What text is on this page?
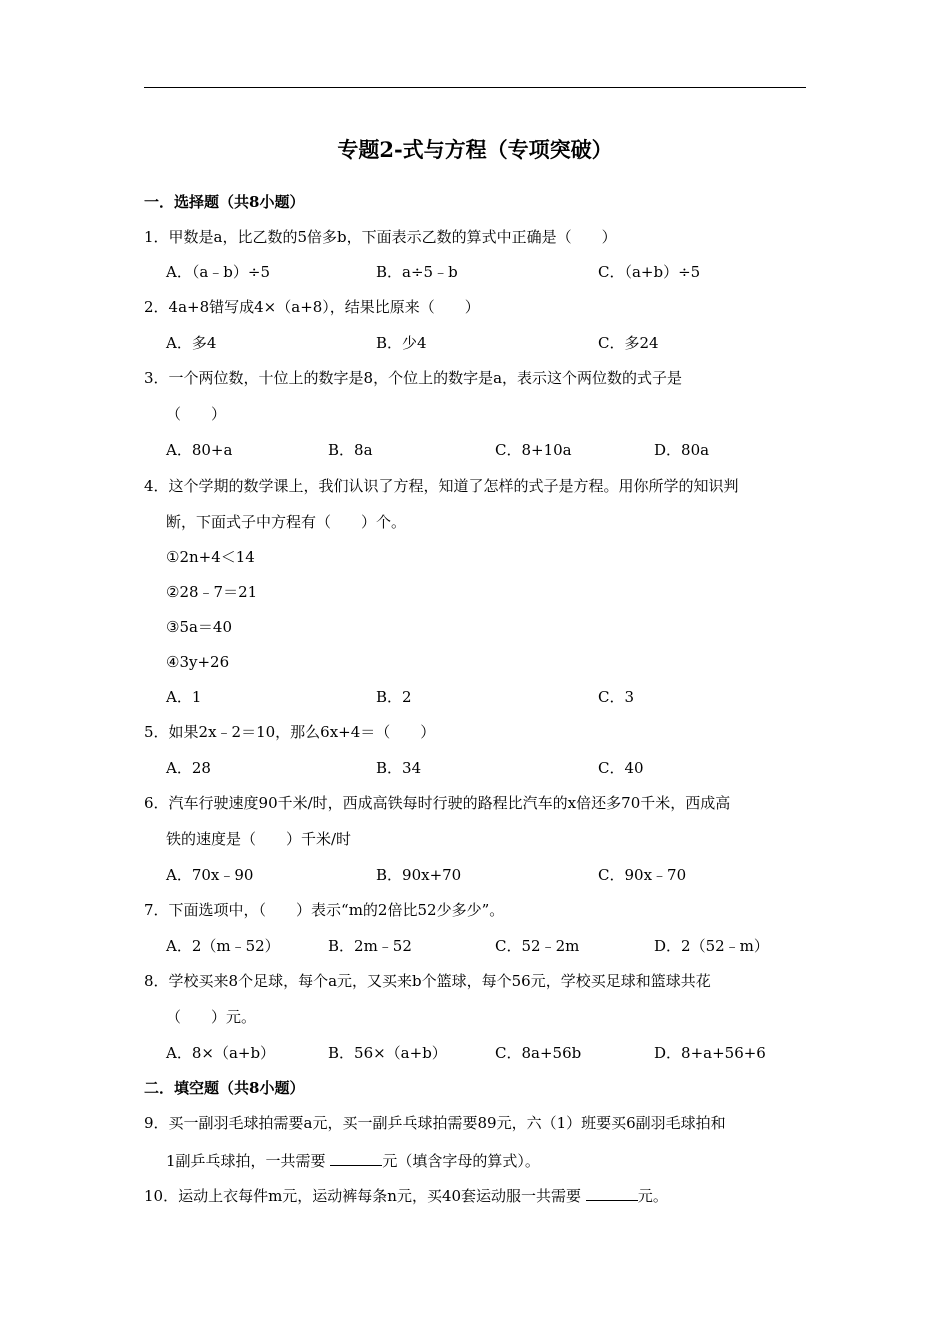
专题2-式与方程（专项突破）
一．选择题（共8小题）
1．甲数是a，比乙数的5倍多b，下面表示乙数的算式中正确是（　　）
A．（a﹣b）÷5	B．a÷5﹣b	C．（a+b）÷5
2．4a+8错写成4×（a+8），结果比原来（　　）
A．多4	B．少4	C．多24
3．一个两位数，十位上的数字是8，个位上的数字是a，表示这个两位数的式子是
（　　）
A．80+a	B．8a	C．8+10a	D．80a
4．这个学期的数学课上，我们认识了方程，知道了怎样的式子是方程。用你所学的知识判
断，下面式子中方程有（　　）个。
①2n+4＜14
②28﹣7＝21
③5a＝40
④3y+26
A．1	B．2	C．3
5．如果2x﹣2＝10，那么6x+4＝（　　）
A．28	B．34	C．40
6．汽车行驶速度90千米/时，西成高铁每时行驶的路程比汽车的x倍还多70千米，西成高
铁的速度是（　　）千米/时
A．70x﹣90	B．90x+70	C．90x﹣70
7．下面选项中，（　　）表示“m的2倍比52少多少”。
A．2（m﹣52）	B．2m﹣52	C．52﹣2m	D．2（52﹣m）
8．学校买来8个足球，每个a元，又买来b个篮球，每个56元，学校买足球和篮球共花
（　　）元。
A．8×（a+b）	B．56×（a+b）	C．8a+56b	D．8+a+56+6
二．填空题（共8小题）
9．买一副羽毛球拍需要a元，买一副乒乓球拍需要89元，六（1）班要买6副羽毛球拍和
1副乒乓球拍，一共需要	元（填含字母的算式）。
10．运动上衣每件m元，运动裤每条n元，买40套运动服一共需要	元。
